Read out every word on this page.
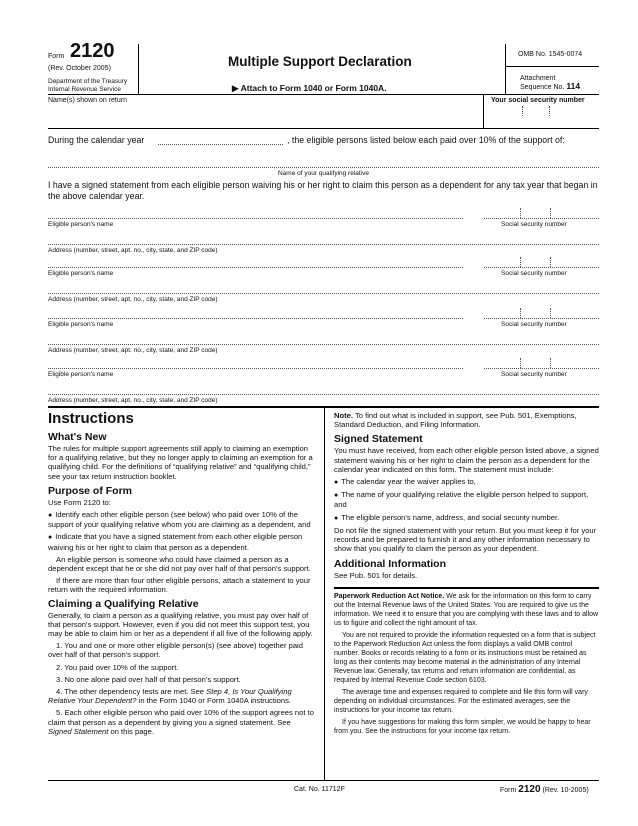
Form 2120
(Rev. October 2005)
Department of the Treasury
Internal Revenue Service
Multiple Support Declaration
▶ Attach to Form 1040 or Form 1040A.
OMB No. 1545-0074
Attachment
Sequence No. 114
Name(s) shown on return	Your social security number
During the calendar year	, the eligible persons listed below each paid over 10% of the support of:
Name of your qualifying relative
I have a signed statement from each eligible person waiving his or her right to claim this person as a dependent for any tax year that began in the above calendar year.
Eligible person's name	Social security number
Address (number, street, apt. no., city, state, and ZIP code)
Eligible person's name	Social security number
Address (number, street, apt. no., city, state, and ZIP code)
Eligible person's name	Social security number
Address (number, street, apt. no., city, state, and ZIP code)
Eligible person's name	Social security number
Address (number, street, apt. no., city, state, and ZIP code)
Instructions
What's New

The rules for multiple support agreements still apply to claiming an exemption for a qualifying relative, but they no longer apply to claiming an exemption for a qualifying child. For the definitions of “qualifying relative” and “qualifying child,” see your tax return instruction booklet.

Purpose of Form

Use Form 2120 to:

● Identify each other eligible person (see below) who paid over 10% of the support of your qualifying relative whom you are claiming as a dependent, and

● Indicate that you have a signed statement from each other eligible person waiving his or her right to claim that person as a dependent.

An eligible person is someone who could have claimed a person as a dependent except that he or she did not pay over half of that person's support.

If there are more than four other eligible persons, attach a statement to your return with the required information.

Claiming a Qualifying Relative

Generally, to claim a person as a qualifying relative, you must pay over half of that person's support. However, even if you did not meet this support test, you may be able to claim him or her as a dependent if all five of the following apply.

1. You and one or more other eligible person(s) (see above) together paid over half of that person's support.

2. You paid over 10% of the support.

3. No one alone paid over half of that person's support.

4. The other dependency tests are met. See Step 4, Is Your Qualifying Relative Your Dependent? in the Form 1040 or Form 1040A instructions.

5. Each other eligible person who paid over 10% of the support agrees not to claim that person as a dependent by giving you a signed statement. See Signed Statement on this page.

Note. To find out what is included in support, see Pub. 501, Exemptions, Standard Deduction, and Filing Information.

Signed Statement

You must have received, from each other eligible person listed above, a signed statement waiving his or her right to claim the person as a dependent for the calendar year indicated on this form. The statement must include:

● The calendar year the waiver applies to,

● The name of your qualifying relative the eligible person helped to support, and

● The eligible person's name, address, and social security number.

Do not file the signed statement with your return. But you must keep it for your records and be prepared to furnish it and any other information necessary to show that you qualify to claim the person as your dependent.

Additional Information

See Pub. 501 for details.

Paperwork Reduction Act Notice. We ask for the information on this form to carry out the Internal Revenue laws of the United States. You are required to give us the information. We need it to ensure that you are complying with these laws and to allow us to figure and collect the right amount of tax.

You are not required to provide the information requested on a form that is subject to the Paperwork Reduction Act unless the form displays a valid OMB control number. Books or records relating to a form or its instructions must be retained as long as their contents may become material in the administration of any Internal Revenue law. Generally, tax returns and return information are confidential, as required by Internal Revenue Code section 6103.

The average time and expenses required to complete and file this form will vary depending on individual circumstances. For the estimated averages, see the instructions for your income tax return.

If you have suggestions for making this form simpler, we would be happy to hear from you. See the instructions for your income tax return.

Cat. No. 11712F	Form 2120 (Rev. 10-2005)
